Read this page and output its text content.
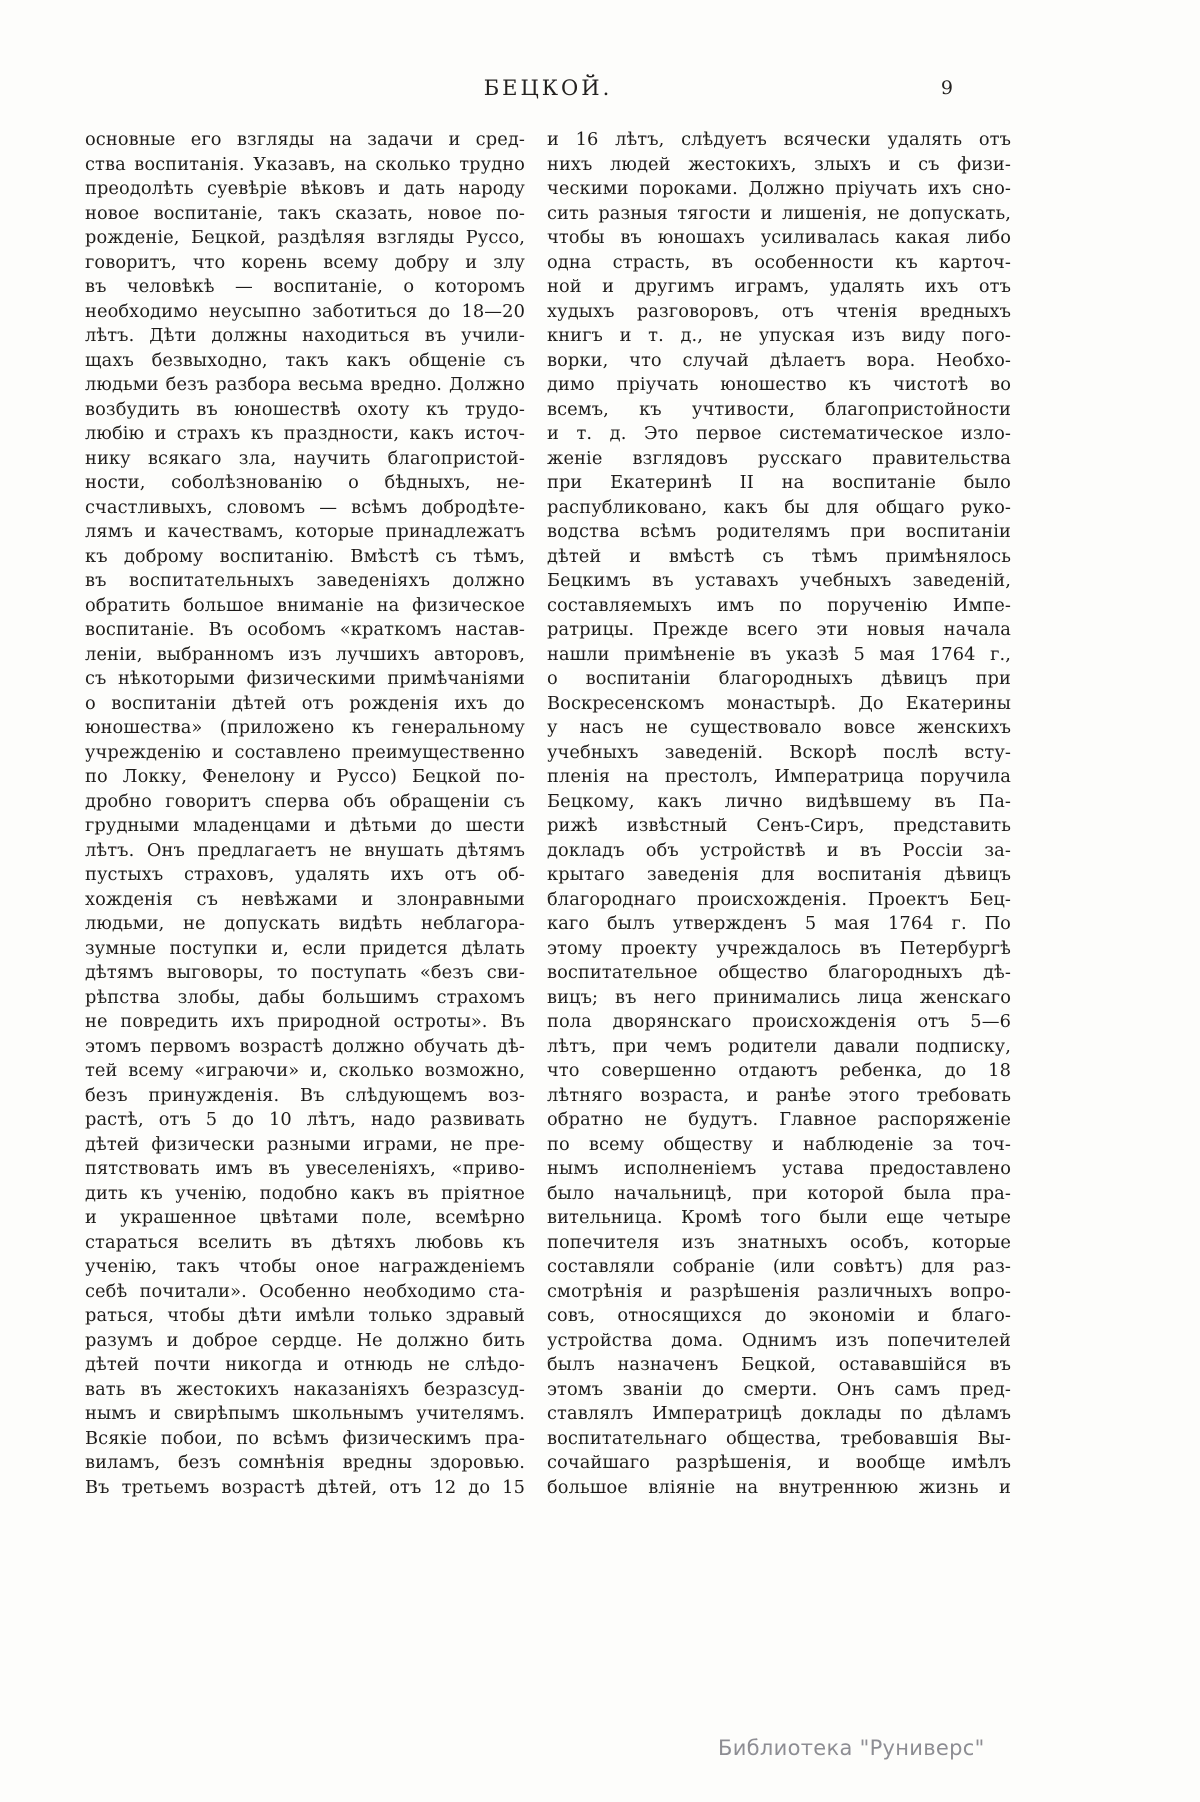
БЕЦКОЙ.	9
основные его взгляды на задачи и сред-
ства воспитанія. Указавъ, на сколько трудно
преодолѣть суевѣріе вѣковъ и дать народу
новое воспитаніе, такъ сказать, новое по-
рожденіе, Бецкой, раздѣляя взгляды Руссо,
говоритъ, что корень всему добру и злу
въ человѣкѣ — воспитаніе, о которомъ
необходимо неусыпно заботиться до 18—20
лѣтъ. Дѣти должны находиться въ учили-
щахъ безвыходно, такъ какъ общеніе съ
людьми безъ разбора весьма вредно. Должно
возбудить въ юношествѣ охоту къ трудо-
любію и страхъ къ праздности, какъ источ-
нику всякаго зла, научить благопристой-
ности, соболѣзнованію о бѣдныхъ, не-
счастливыхъ, словомъ — всѣмъ добродѣте-
лямъ и качествамъ, которые принадлежатъ
къ доброму воспитанію. Вмѣстѣ съ тѣмъ,
въ воспитательныхъ заведеніяхъ должно
обратить большое вниманіе на физическое
воспитаніе. Въ особомъ «краткомъ настав-
леніи, выбранномъ изъ лучшихъ авторовъ,
съ нѣкоторыми физическими примѣчаніями
о воспитаніи дѣтей отъ рожденія ихъ до
юношества» (приложено къ генеральному
учрежденію и составлено преимущественно
по Локку, Фенелону и Руссо) Бецкой по-
дробно говоритъ сперва объ обращеніи съ
грудными младенцами и дѣтьми до шести
лѣтъ. Онъ предлагаетъ не внушать дѣтямъ
пустыхъ страховъ, удалять ихъ отъ об-
хожденія съ невѣжами и злонравными
людьми, не допускать видѣть неблагора-
зумные поступки и, если придется дѣлать
дѣтямъ выговоры, то поступать «безъ сви-
рѣпства злобы, дабы большимъ страхомъ
не повредить ихъ природной остроты». Въ
этомъ первомъ возрастѣ должно обучать дѣ-
тей всему «играючи» и, сколько возможно,
безъ принужденія. Въ слѣдующемъ воз-
растѣ, отъ 5 до 10 лѣтъ, надо развивать
дѣтей физически разными играми, не пре-
пятствовать имъ въ увеселеніяхъ, «приво-
дить къ ученію, подобно какъ въ пріятное
и украшенное цвѣтами поле, всемѣрно
стараться вселить въ дѣтяхъ любовь къ
ученію, такъ чтобы оное награжденіемъ
себѣ почитали». Особенно необходимо ста-
раться, чтобы дѣти имѣли только здравый
разумъ и доброе сердце. Не должно бить
дѣтей почти никогда и отнюдь не слѣдо-
вать въ жестокихъ наказаніяхъ безразсуд-
нымъ и свирѣпымъ школьнымъ учителямъ.
Всякіе побои, по всѣмъ физическимъ пра-
виламъ, безъ сомнѣнія вредны здоровью.
Въ третьемъ возрастѣ дѣтей, отъ 12 до 15
и 16 лѣтъ, слѣдуетъ всячески удалять отъ
нихъ людей жестокихъ, злыхъ и съ физи-
ческими пороками. Должно пріучать ихъ сно-
сить разныя тягости и лишенія, не допускать,
чтобы въ юношахъ усиливалась какая либо
одна страсть, въ особенности къ карточ-
ной и другимъ играмъ, удалять ихъ отъ
худыхъ разговоровъ, отъ чтенія вредныхъ
книгъ и т. д., не упуская изъ виду пого-
ворки, что случай дѣлаетъ вора. Необхо-
димо пріучать юношество къ чистотѣ во
всемъ, къ учтивости, благопристойности
и т. д. Это первое систематическое изло-
женіе взглядовъ русскаго правительства
при Екатеринѣ II на воспитаніе было
распубликовано, какъ бы для общаго руко-
водства всѣмъ родителямъ при воспитаніи
дѣтей и вмѣстѣ съ тѣмъ примѣнялось
Бецкимъ въ уставахъ учебныхъ заведеній,
составляемыхъ имъ по порученію Импе-
ратрицы. Прежде всего эти новыя начала
нашли примѣненіе въ указѣ 5 мая 1764 г.,
о воспитаніи благородныхъ дѣвицъ при
Воскресенскомъ монастырѣ. До Екатерины
у насъ не существовало вовсе женскихъ
учебныхъ заведеній. Вскорѣ послѣ всту-
пленія на престолъ, Императрица поручила
Бецкому, какъ лично видѣвшему въ Па-
рижѣ извѣстный Сенъ-Сиръ, представить
докладъ объ устройствѣ и въ Россіи за-
крытаго заведенія для воспитанія дѣвицъ
благороднаго происхожденія. Проектъ Бец-
каго былъ утвержденъ 5 мая 1764 г. По
этому проекту учреждалось въ Петербургѣ
воспитательное общество благородныхъ дѣ-
вицъ; въ него принимались лица женскаго
пола дворянскаго происхожденія отъ 5—6
лѣтъ, при чемъ родители давали подписку,
что совершенно отдаютъ ребенка, до 18
лѣтняго возраста, и ранѣе этого требовать
обратно не будутъ. Главное распоряженіе
по всему обществу и наблюденіе за точ-
нымъ исполненіемъ устава предоставлено
было начальницѣ, при которой была пра-
вительница. Кромѣ того были еще четыре
попечителя изъ знатныхъ особъ, которые
составляли собраніе (или совѣтъ) для раз-
смотрѣнія и разрѣшенія различныхъ вопро-
совъ, относящихся до экономіи и благо-
устройства дома. Однимъ изъ попечителей
былъ назначенъ Бецкой, остававшійся въ
этомъ званіи до смерти. Онъ самъ пред-
ставлялъ Императрицѣ доклады по дѣламъ
воспитательнаго общества, требовавшія Вы-
сочайшаго разрѣшенія, и вообще имѣлъ
большое вліяніе на внутреннюю жизнь и
Библиотека "Руниверс"
